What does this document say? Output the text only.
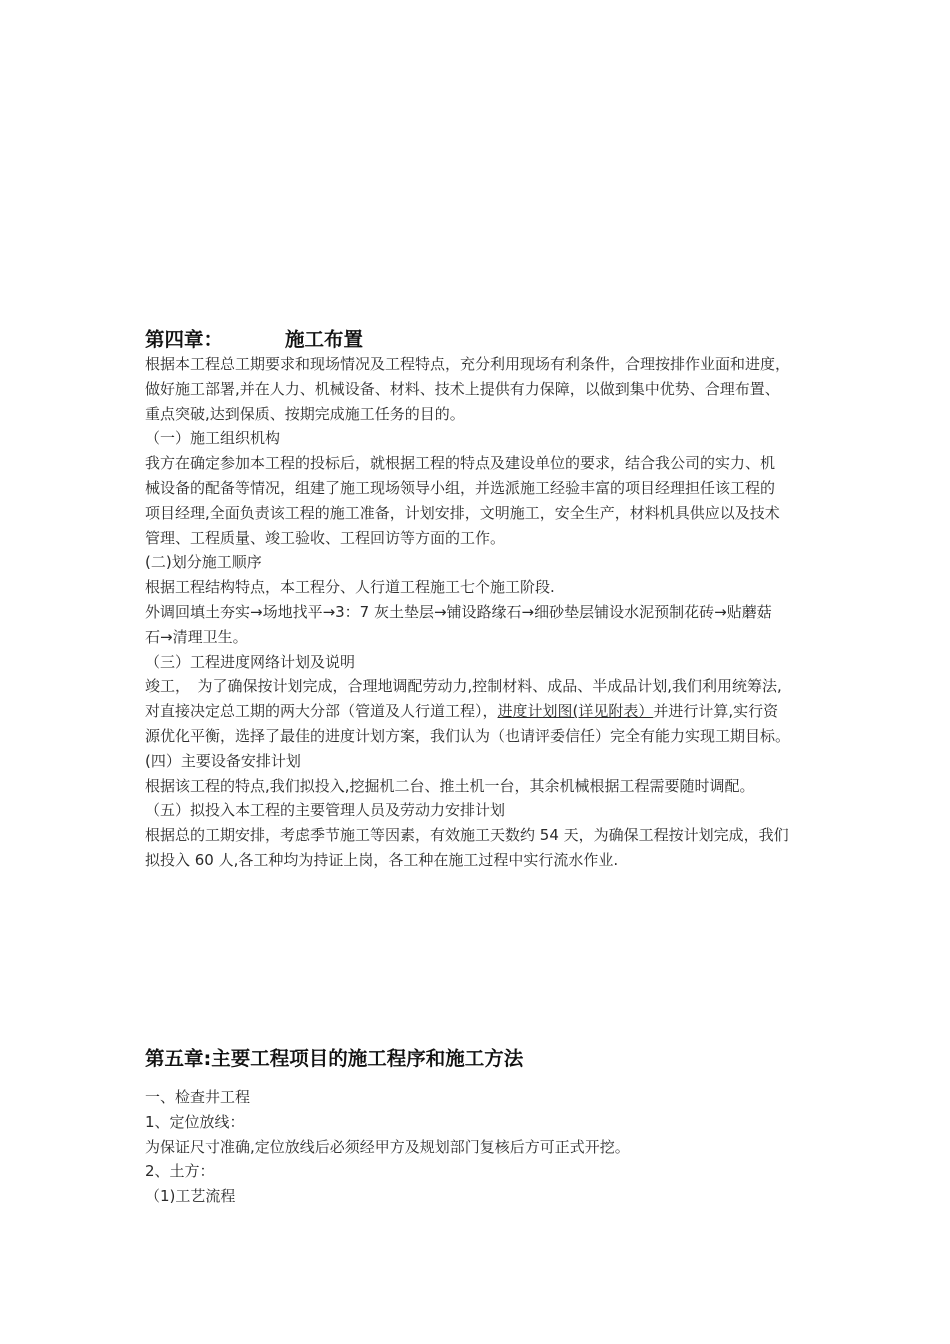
第四章：	施工布置

根据本工程总工期要求和现场情况及工程特点，充分利用现场有利条件，合理按排作业面和进度，

做好施工部署,并在人力、机械设备、材料、技术上提供有力保障，以做到集中优势、合理布置、

重点突破,达到保质、按期完成施工任务的目的。

（一）施工组织机构

我方在确定参加本工程的投标后，就根据工程的特点及建设单位的要求，结合我公司的实力、机

械设备的配备等情况，组建了施工现场领导小组，并选派施工经验丰富的项目经理担任该工程的

项目经理,全面负责该工程的施工准备，计划安排，文明施工，安全生产，材料机具供应以及技术

管理、工程质量、竣工验收、工程回访等方面的工作。

(二)划分施工顺序

根据工程结构特点，本工程分、人行道工程施工七个施工阶段.

外调回填土夯实→场地找平→3：7 灰土垫层→铺设路缘石→细砂垫层铺设水泥预制花砖→贴蘑菇

石→清理卫生。

（三）工程进度网络计划及说明

竣工，　为了确保按计划完成，合理地调配劳动力,控制材料、成品、半成品计划,我们利用统筹法,

对直接决定总工期的两大分部（管道及人行道工程），进度计划图(详见附表）并进行计算,实行资

源优化平衡，选择了最佳的进度计划方案，我们认为（也请评委信任）完全有能力实现工期目标。

(四）主要设备安排计划

根据该工程的特点,我们拟投入,挖掘机二台、推土机一台，其余机械根据工程需要随时调配。

（五）拟投入本工程的主要管理人员及劳动力安排计划

根据总的工期安排，考虑季节施工等因素，有效施工天数约 54 天，为确保工程按计划完成，我们

拟投入 60 人,各工种均为持证上岗，各工种在施工过程中实行流水作业.

第五章:主要工程项目的施工程序和施工方法

一、检查井工程

1、定位放线：

为保证尺寸准确,定位放线后必须经甲方及规划部门复核后方可正式开挖。

2、土方：

（1)工艺流程
